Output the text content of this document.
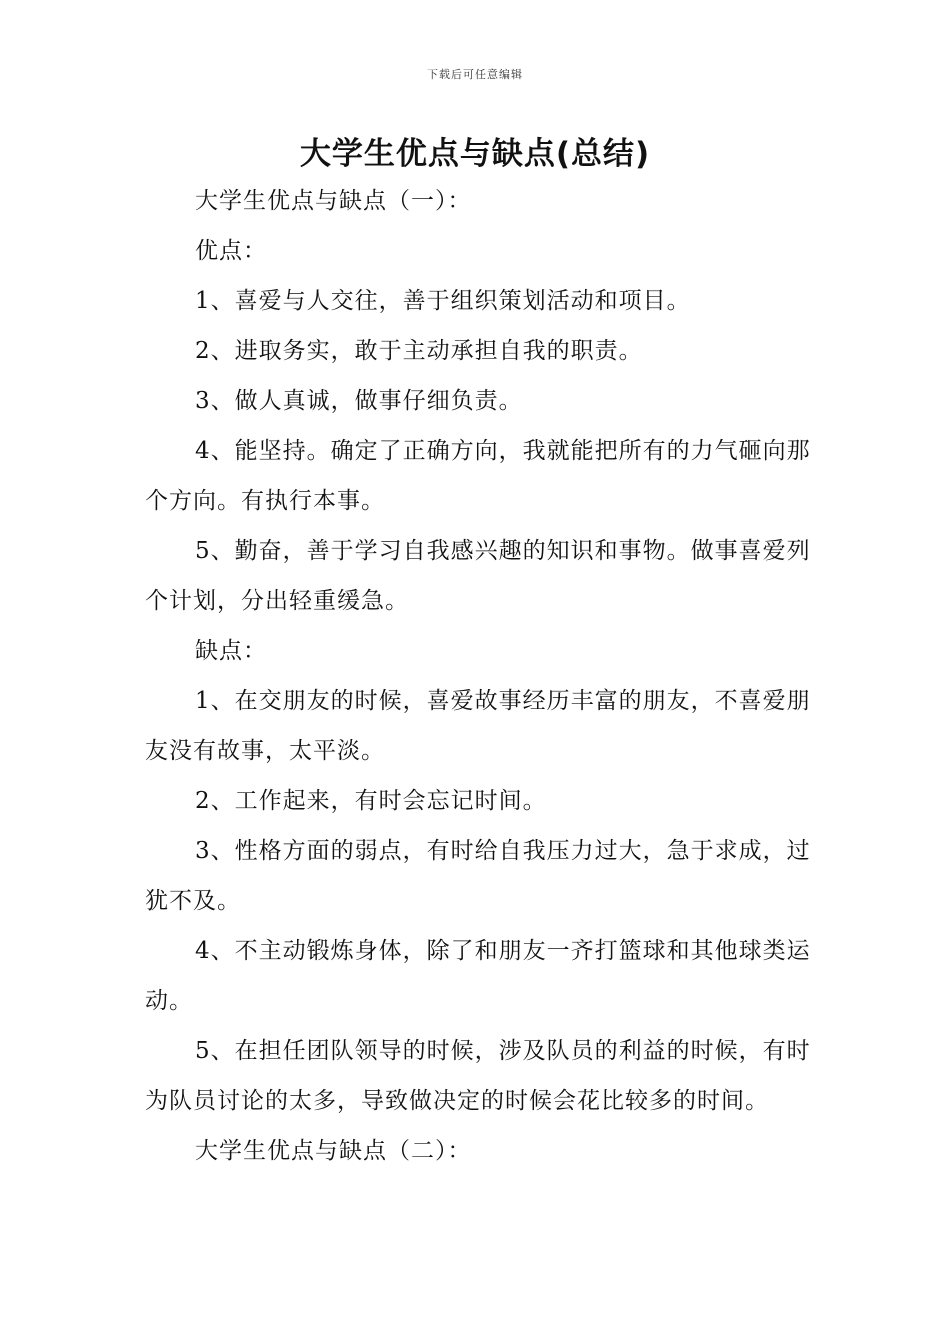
下载后可任意编辑
大学生优点与缺点(总结)

大学生优点与缺点（一）：

优点：

1、喜爱与人交往，善于组织策划活动和项目。

2、进取务实，敢于主动承担自我的职责。

3、做人真诚，做事仔细负责。

4、能坚持。确定了正确方向，我就能把所有的力气砸向那个方向。有执行本事。

5、勤奋，善于学习自我感兴趣的知识和事物。做事喜爱列个计划，分出轻重缓急。

缺点：

1、在交朋友的时候，喜爱故事经历丰富的朋友，不喜爱朋友没有故事，太平淡。

2、工作起来，有时会忘记时间。

3、性格方面的弱点，有时给自我压力过大，急于求成，过犹不及。

4、不主动锻炼身体，除了和朋友一齐打篮球和其他球类运动。

5、在担任团队领导的时候，涉及队员的利益的时候，有时为队员讨论的太多，导致做决定的时候会花比较多的时间。

大学生优点与缺点（二）：
